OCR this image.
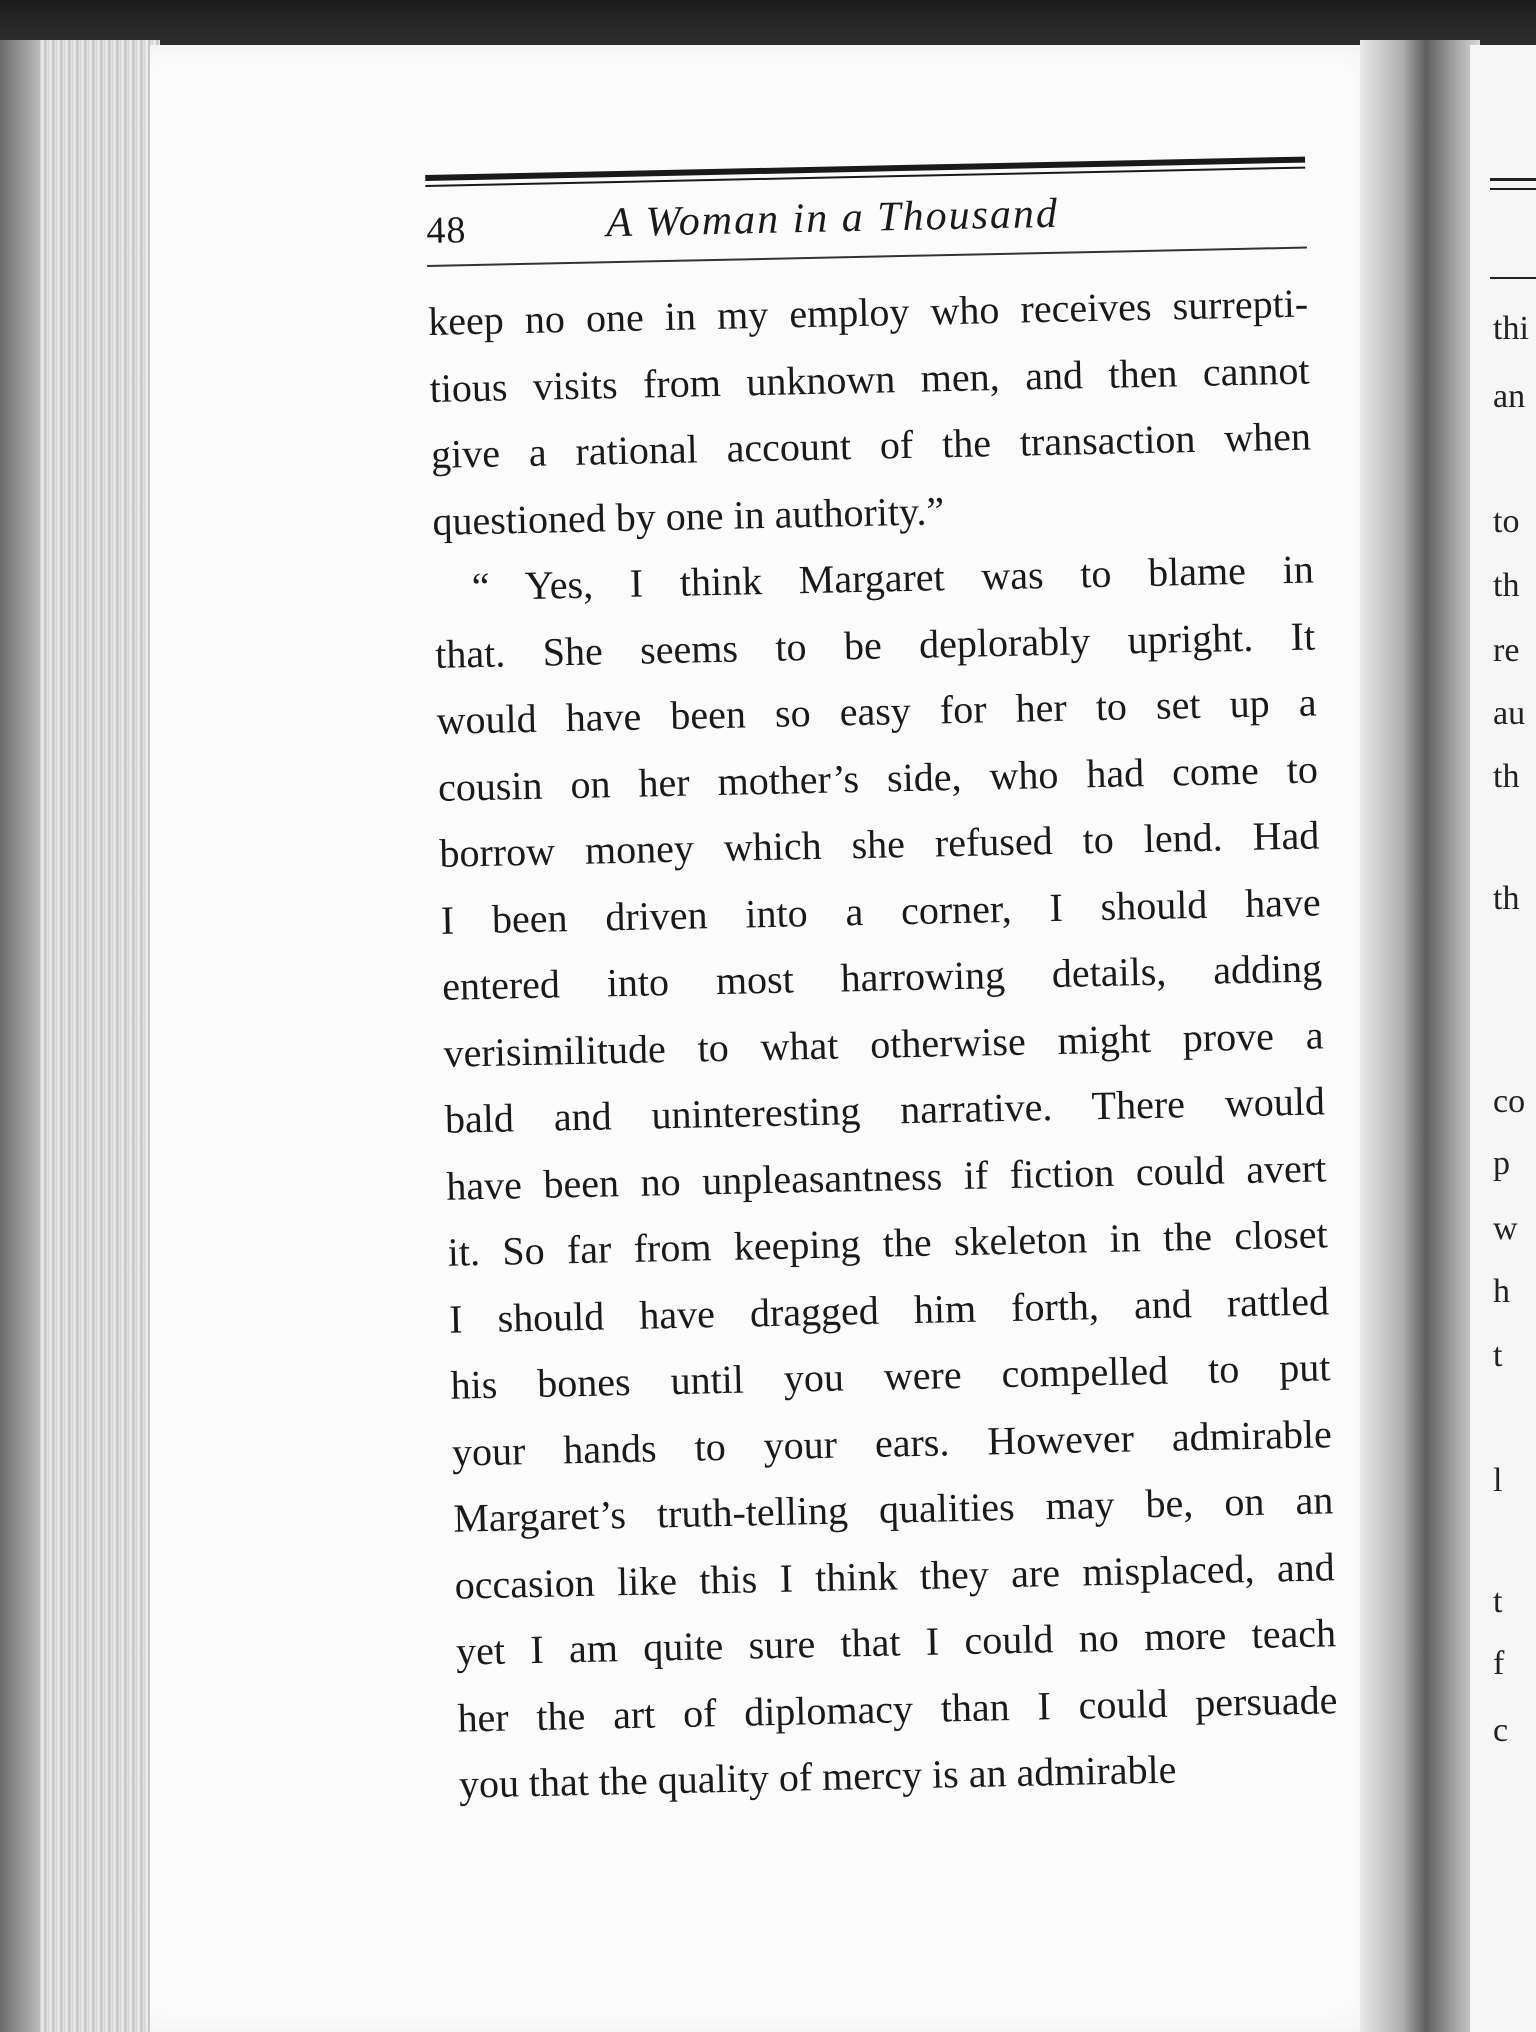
thi
an
to
th
re
au
th
th
co
p
w
h
t
l
t
f
c
48	A Woman in a Thousand
keep no one in my employ who receives surrepti-
tious visits from unknown men, and then cannot
give a rational account of the transaction when
questioned by one in authority.”
“ Yes, I think Margaret was to blame in
that. She seems to be deplorably upright. It
would have been so easy for her to set up a
cousin on her mother’s side, who had come to
borrow money which she refused to lend. Had
I been driven into a corner, I should have
entered into most harrowing details, adding
verisimilitude to what otherwise might prove a
bald and uninteresting narrative. There would
have been no unpleasantness if fiction could avert
it. So far from keeping the skeleton in the closet
I should have dragged him forth, and rattled
his bones until you were compelled to put
your hands to your ears. However admirable
Margaret’s truth-telling qualities may be, on an
occasion like this I think they are misplaced, and
yet I am quite sure that I could no more teach
her the art of diplomacy than I could persuade
you that the quality of mercy is an admirable
